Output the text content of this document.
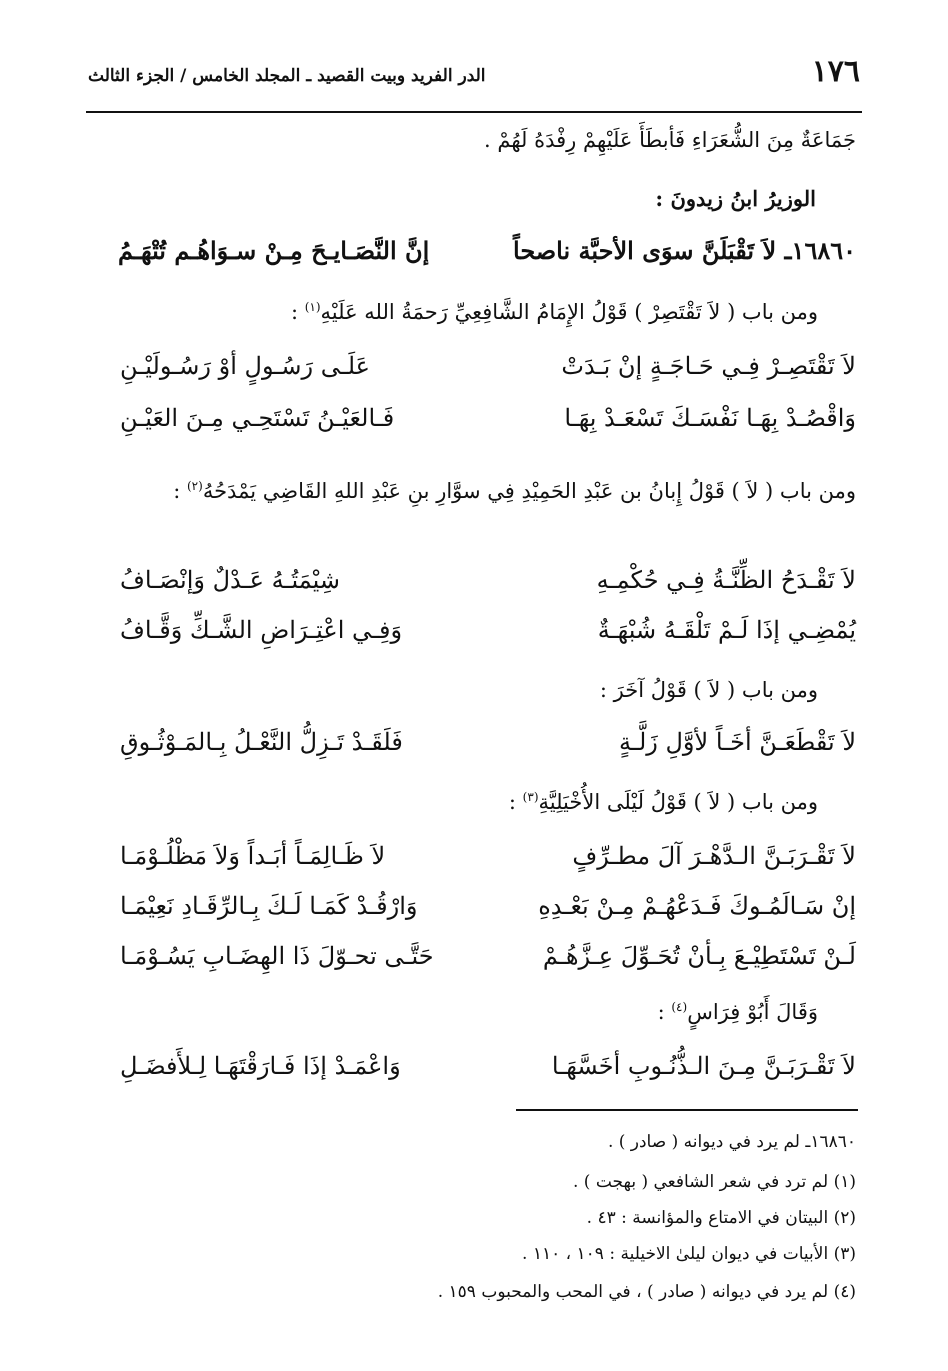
١٧٦
الدر الفريد وبيت القصيد ـ المجلد الخامس / الجزء الثالث
جَمَاعَةٌ مِنَ الشُّعَرَاءِ فَأبطَأَ عَلَيْهِمْ رِفْدَهُ لَهُمْ .
الوزيرُ ابنُ زيدونَ :
١٦٨٦٠ـ لاَ تَقْبَلَنَّ سوَى الأحبَّة ناصحاً
إنَّ النَّصَـايـحَ مِـنْ سـوَاهُـم تُتْهَـمُ
ومن باب ( لاَ تَقْتَصِرْ ) قَوْلُ الإِمَامُ الشَّافِعِيِّ رَحمَةُ الله عَلَيْهِ$^{(١)}$ :
لاَ تَقْتَصِـرْ فِـي حَـاجَـةٍ إنْ بَـدَتْ
عَلَـى رَسُـولٍ أوْ رَسُـولَيْـنِ
وَاقْصُـدْ بِهَـا نَفْسَـكَ تَسْعَـدْ بِهَـا
فَـالعَيْـنُ تَسْتَحِـي مِـنَ العَيْـنِ
ومن باب ( لاَ ) قَوْلُ إِبانُ بن عَبْدِ الحَمِيْدِ فِي سوَّارِ بنِ عَبْدِ اللهِ القَاضِي يَمْدَحُهُ$^{(٢)}$ :
لاَ تَقْـدَحُ الظِّنَّـةُ فِـي حُكْمِـهِ
شِيْمَتُـهُ عَـدْلٌ وَإنْصَـافُ
يُمْضِـي إذَا لَـمْ تَلْقَـهُ شُبْهَـةٌ
وَفِـي اعْتِـرَاضِ الشَّـكِّ وَقَّـافُ
ومن باب ( لاَ ) قَوْلُ آخَرَ :
لاَ تَقْطَعَـنَّ أخَـاً لأوَّلِ زَلَّـةٍ
فَلَقَـدْ تَـزِلُّ النَّعْـلُ بِـالمَـوْثُـوقِ
ومن باب ( لاَ ) قَوْلُ لَيْلَى الأُخْيَلِيَّةِ$^{(٣)}$ :
لاَ تَقْـرَبَـنَّ الـدَّهْـرَ آلَ مطـرِّفٍ
لاَ ظَـالِمَـاً أبَـداً وَلاَ مَظْلُـوْمَـا
إنْ سَـالَمُـوكَ فَـدَعْهُـمْ مِـنْ بَعْـدِهِ
وَارْقُـدْ كَمَـا لَـكَ بِـالرِّقَـادِ نَعِيْمَـا
لَـنْ تَسْتَطِيْـعَ بِـأنْ تُحَـوِّلَ عِـزَّهُـمْ
حَتَّـى تحـوّلَ ذَا الهِضَـابِ يَسُـوْمَـا
وَقَالَ أَبُوْ فِرَاسٍ$^{(٤)}$ :
لاَ تَقْـرَبَـنَّ مِـنَ الـذُّنُـوبِ أخَسَّهَـا
وَاعْمَـدْ إذَا فَـارَقْتَهَـا لِـلأَفضَـلِ
١٦٨٦٠ـ لم يرد في ديوانه ( صادر ) .
(١) لم ترد في شعر الشافعي ( بهجت ) .
(٢) البيتان في الامتاع والمؤانسة : ٤٣ .
(٣) الأبيات في ديوان ليلىٰ الاخيلية : ١٠٩ ، ١١٠ .
(٤) لم يرد في ديوانه ( صادر ) ، في المحب والمحبوب ١٥٩ .
